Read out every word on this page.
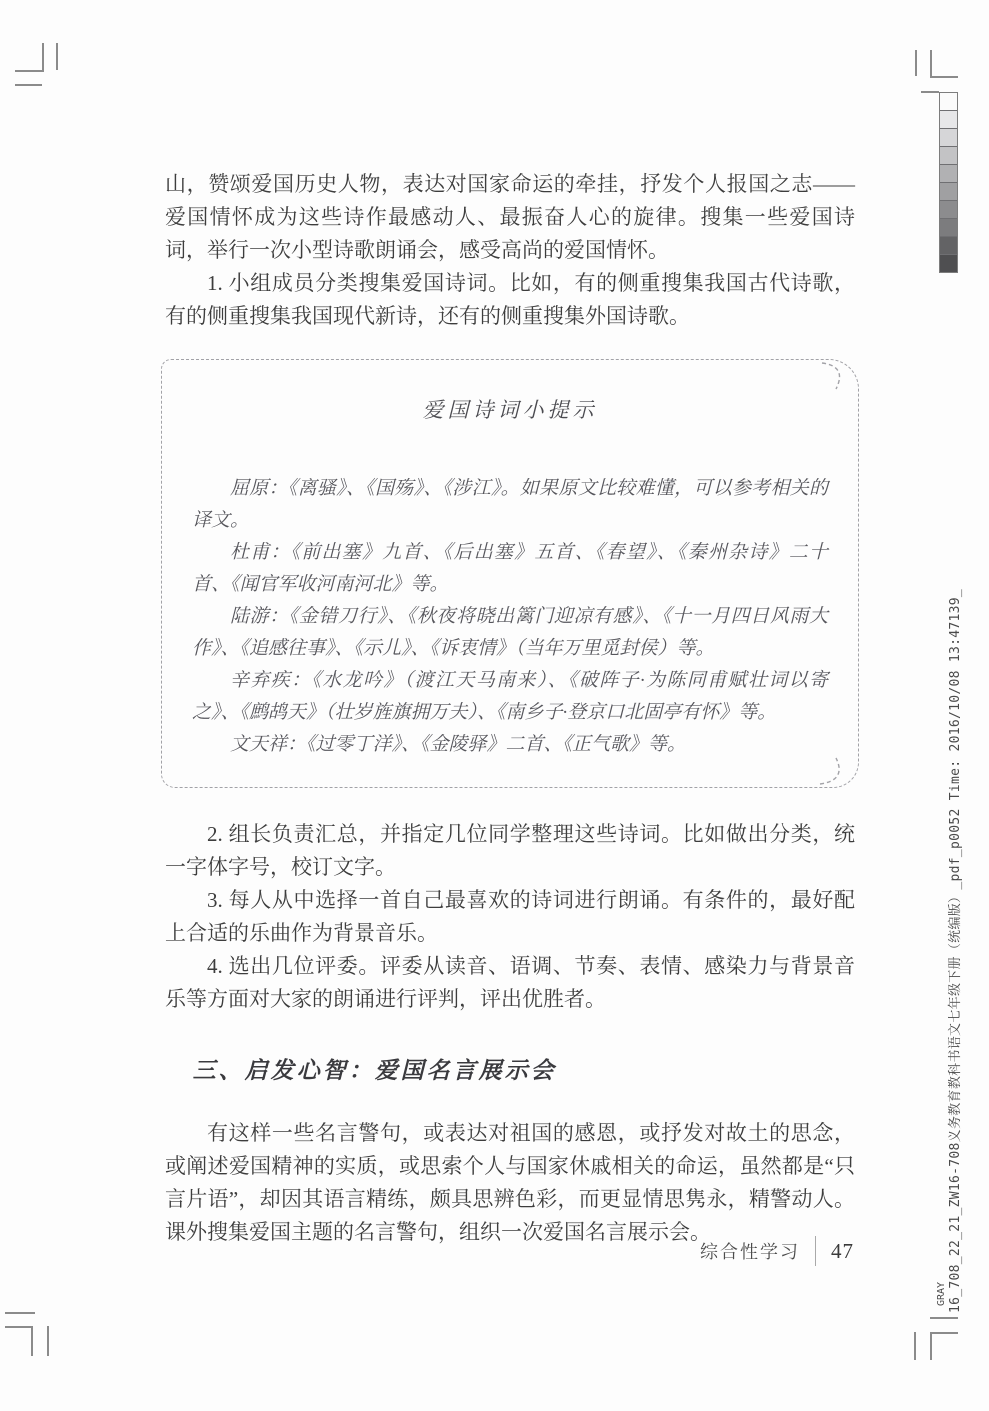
16_708_22_21_ZW16-708义务教育教科书语文七年级下册（统编版）_pdf_p0052 Time: 2016/10/08 13:47139_
GRAY

山，赞颂爱国历史人物，表达对国家命运的牵挂，抒发个人报国之志——爱国情怀成为这些诗作最感动人、最振奋人心的旋律。搜集一些爱国诗词，举行一次小型诗歌朗诵会，感受高尚的爱国情怀。

1. 小组成员分类搜集爱国诗词。比如，有的侧重搜集我国古代诗歌，有的侧重搜集我国现代新诗，还有的侧重搜集外国诗歌。

爱国诗词小提示

屈原：《离骚》、《国殇》、《涉江》。如果原文比较难懂，可以参考相关的译文。

杜甫：《前出塞》九首、《后出塞》五首、《春望》、《秦州杂诗》二十首、《闻官军收河南河北》等。

陆游：《金错刀行》、《秋夜将晓出篱门迎凉有感》、《十一月四日风雨大作》、《追感往事》、《示儿》、《诉衷情》（当年万里觅封侯）等。

辛弃疾：《水龙吟》（渡江天马南来）、《破阵子·为陈同甫赋壮词以寄之》、《鹧鸪天》（壮岁旌旗拥万夫）、《南乡子·登京口北固亭有怀》等。

文天祥：《过零丁洋》、《金陵驿》二首、《正气歌》等。

2. 组长负责汇总，并指定几位同学整理这些诗词。比如做出分类，统一字体字号，校订文字。

3. 每人从中选择一首自己最喜欢的诗词进行朗诵。有条件的，最好配上合适的乐曲作为背景音乐。

4. 选出几位评委。评委从读音、语调、节奏、表情、感染力与背景音乐等方面对大家的朗诵进行评判，评出优胜者。

三、启发心智：爱国名言展示会

有这样一些名言警句，或表达对祖国的感恩，或抒发对故土的思念，或阐述爱国精神的实质，或思索个人与国家休戚相关的命运，虽然都是“只言片语”，却因其语言精练，颇具思辨色彩，而更显情思隽永，精警动人。课外搜集爱国主题的名言警句，组织一次爱国名言展示会。

综合性学习 47
